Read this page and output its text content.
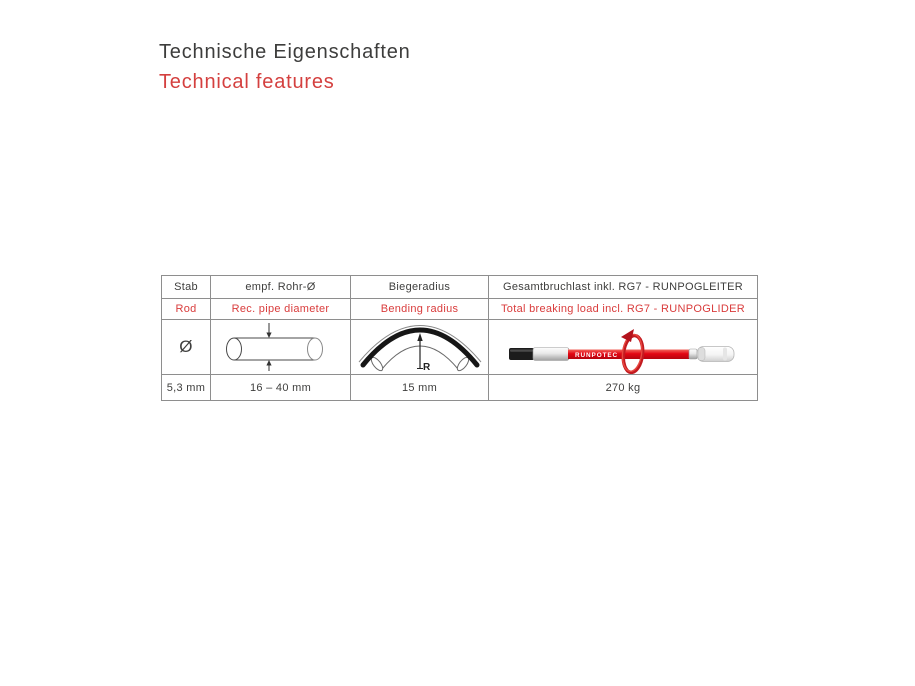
Technische Eigenschaften
Technical features
Stab	empf. Rohr-Ø	Biegeradius	Gesamtbruchlast inkl. RG7 - RUNPOGLEITER
Rod	Rec. pipe diameter	Bending radius	Total breaking load incl. RG7 - RUNPOGLIDER
Ø
R
RUNPOTEC
5,3 mm	16 – 40 mm	15 mm	270 kg
